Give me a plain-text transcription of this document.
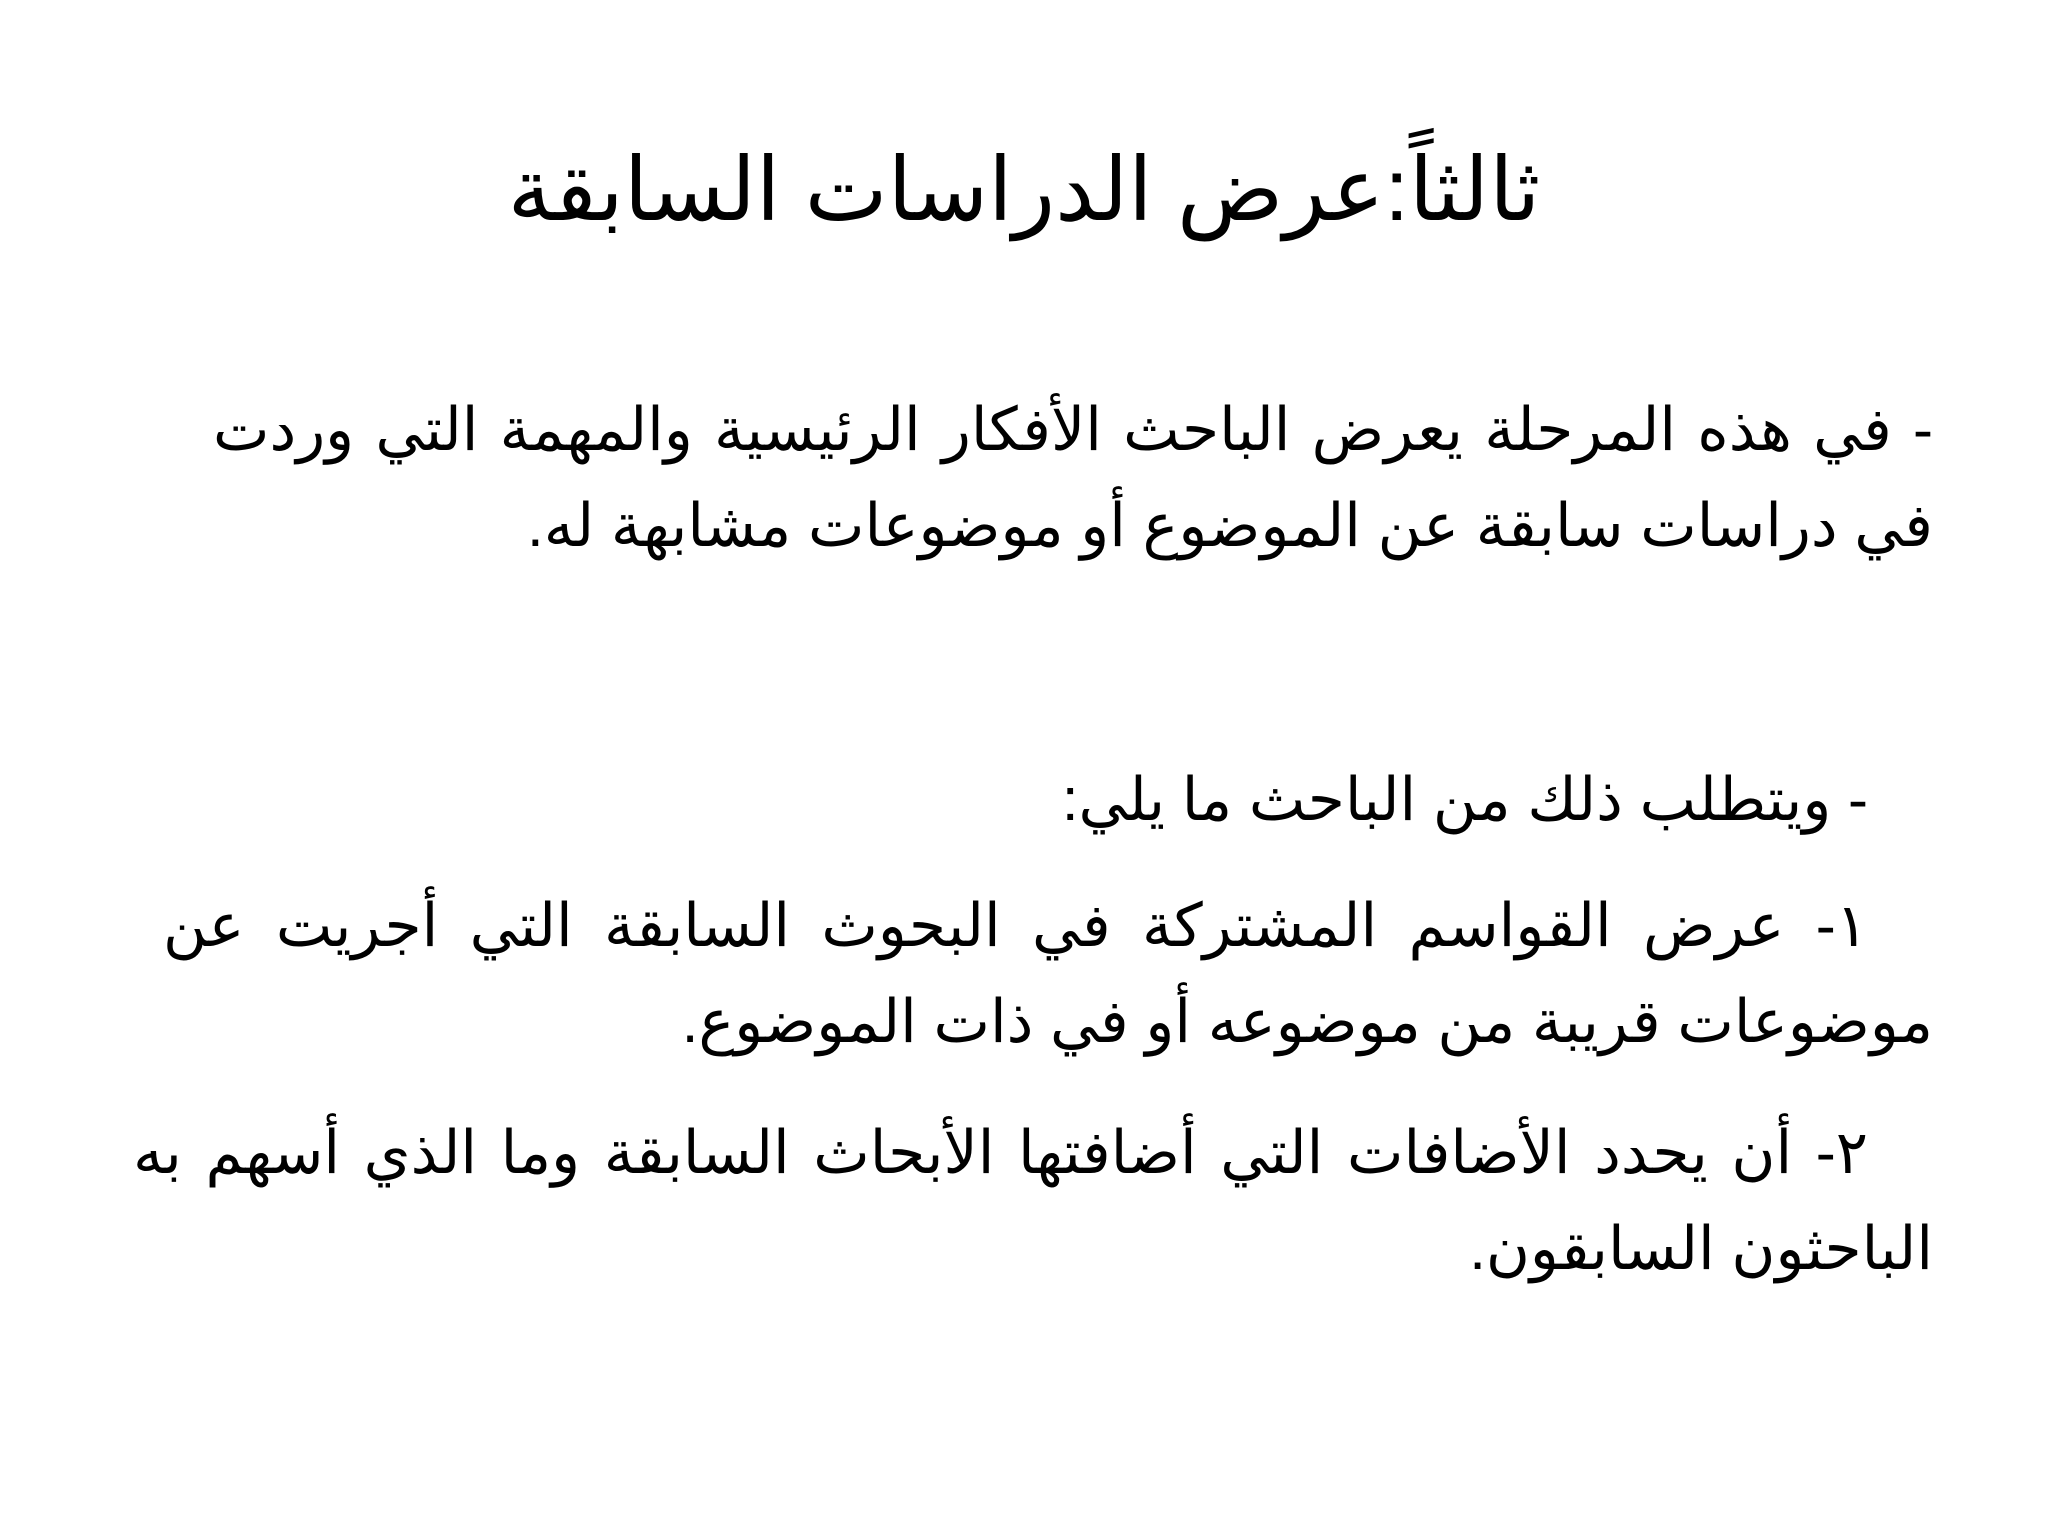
ثالثاً:عرض الدراسات السابقة

- في هذه المرحلة يعرض الباحث الأفكار الرئيسية والمهمة التي وردت في دراسات سابقة عن الموضوع أو موضوعات مشابهة له.

- ويتطلب ذلك من الباحث ما يلي:

١- عرض القواسم المشتركة في البحوث السابقة التي أجريت عن موضوعات قريبة من موضوعه أو في ذات الموضوع.

٢- أن يحدد الأضافات التي أضافتها الأبحاث السابقة وما الذي أسهم به الباحثون السابقون.
